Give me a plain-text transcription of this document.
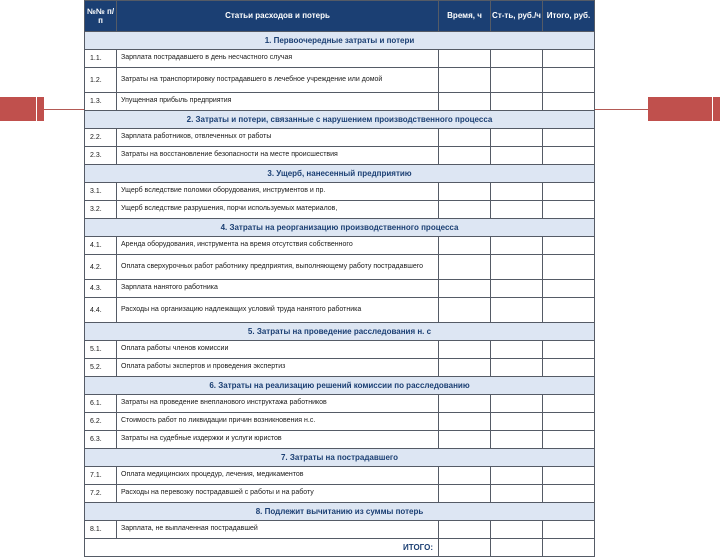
№№ п/п	Статьи расходов и потерь	Время, ч	Ст-ть, руб./ч	Итого, руб.
1. Первоочередные затраты и потери				
1.1.	Зарплата пострадавшего в день несчастного случая			
1.2.	Затраты на транспортировку пострадавшего в лечебное учреждение или домой			
1.3.	Упущенная прибыль предприятия			
2. Затраты и потери, связанные с нарушением производственного процесса				
2.2.	Зарплата работников, отвлеченных от работы			
2.3.	Затраты на восстановление безопасности на месте происшествия			
3. Ущерб, нанесенный предприятию				
3.1.	Ущерб вследствие поломки оборудования, инструментов и пр.			
3.2.	Ущерб вследствие разрушения, порчи используемых материалов,			
4. Затраты на реорганизацию производственного процесса				
4.1.	Аренда оборудования, инструмента на время отсутствия собственного			
4.2.	Оплата сверхурочных работ работнику предприятия, выполняющему работу пострадавшего			
4.3.	Зарплата нанятого работника			
4.4.	Расходы на организацию надлежащих условий труда нанятого работника			
5. Затраты на проведение расследования н. с				
5.1.	Оплата работы членов комиссии			
5.2.	Оплата работы экспертов и проведения экспертиз			
6. Затраты на реализацию решений комиссии по расследованию				
6.1.	Затраты на проведение внепланового инструктажа работников			
6.2.	Стоимость работ по ликвидации причин возникновения н.с.			
6.3.	Затраты на судебные издержки и услуги юристов			
7. Затраты на пострадавшего				
7.1.	Оплата медицинских процедур, лечения, медикаментов			
7.2.	Расходы на перевозку пострадавшей с работы и на работу			
8. Подлежит вычитанию из суммы потерь				
8.1.	Зарплата, не выплаченная пострадавшей			
ИТОГО:				
